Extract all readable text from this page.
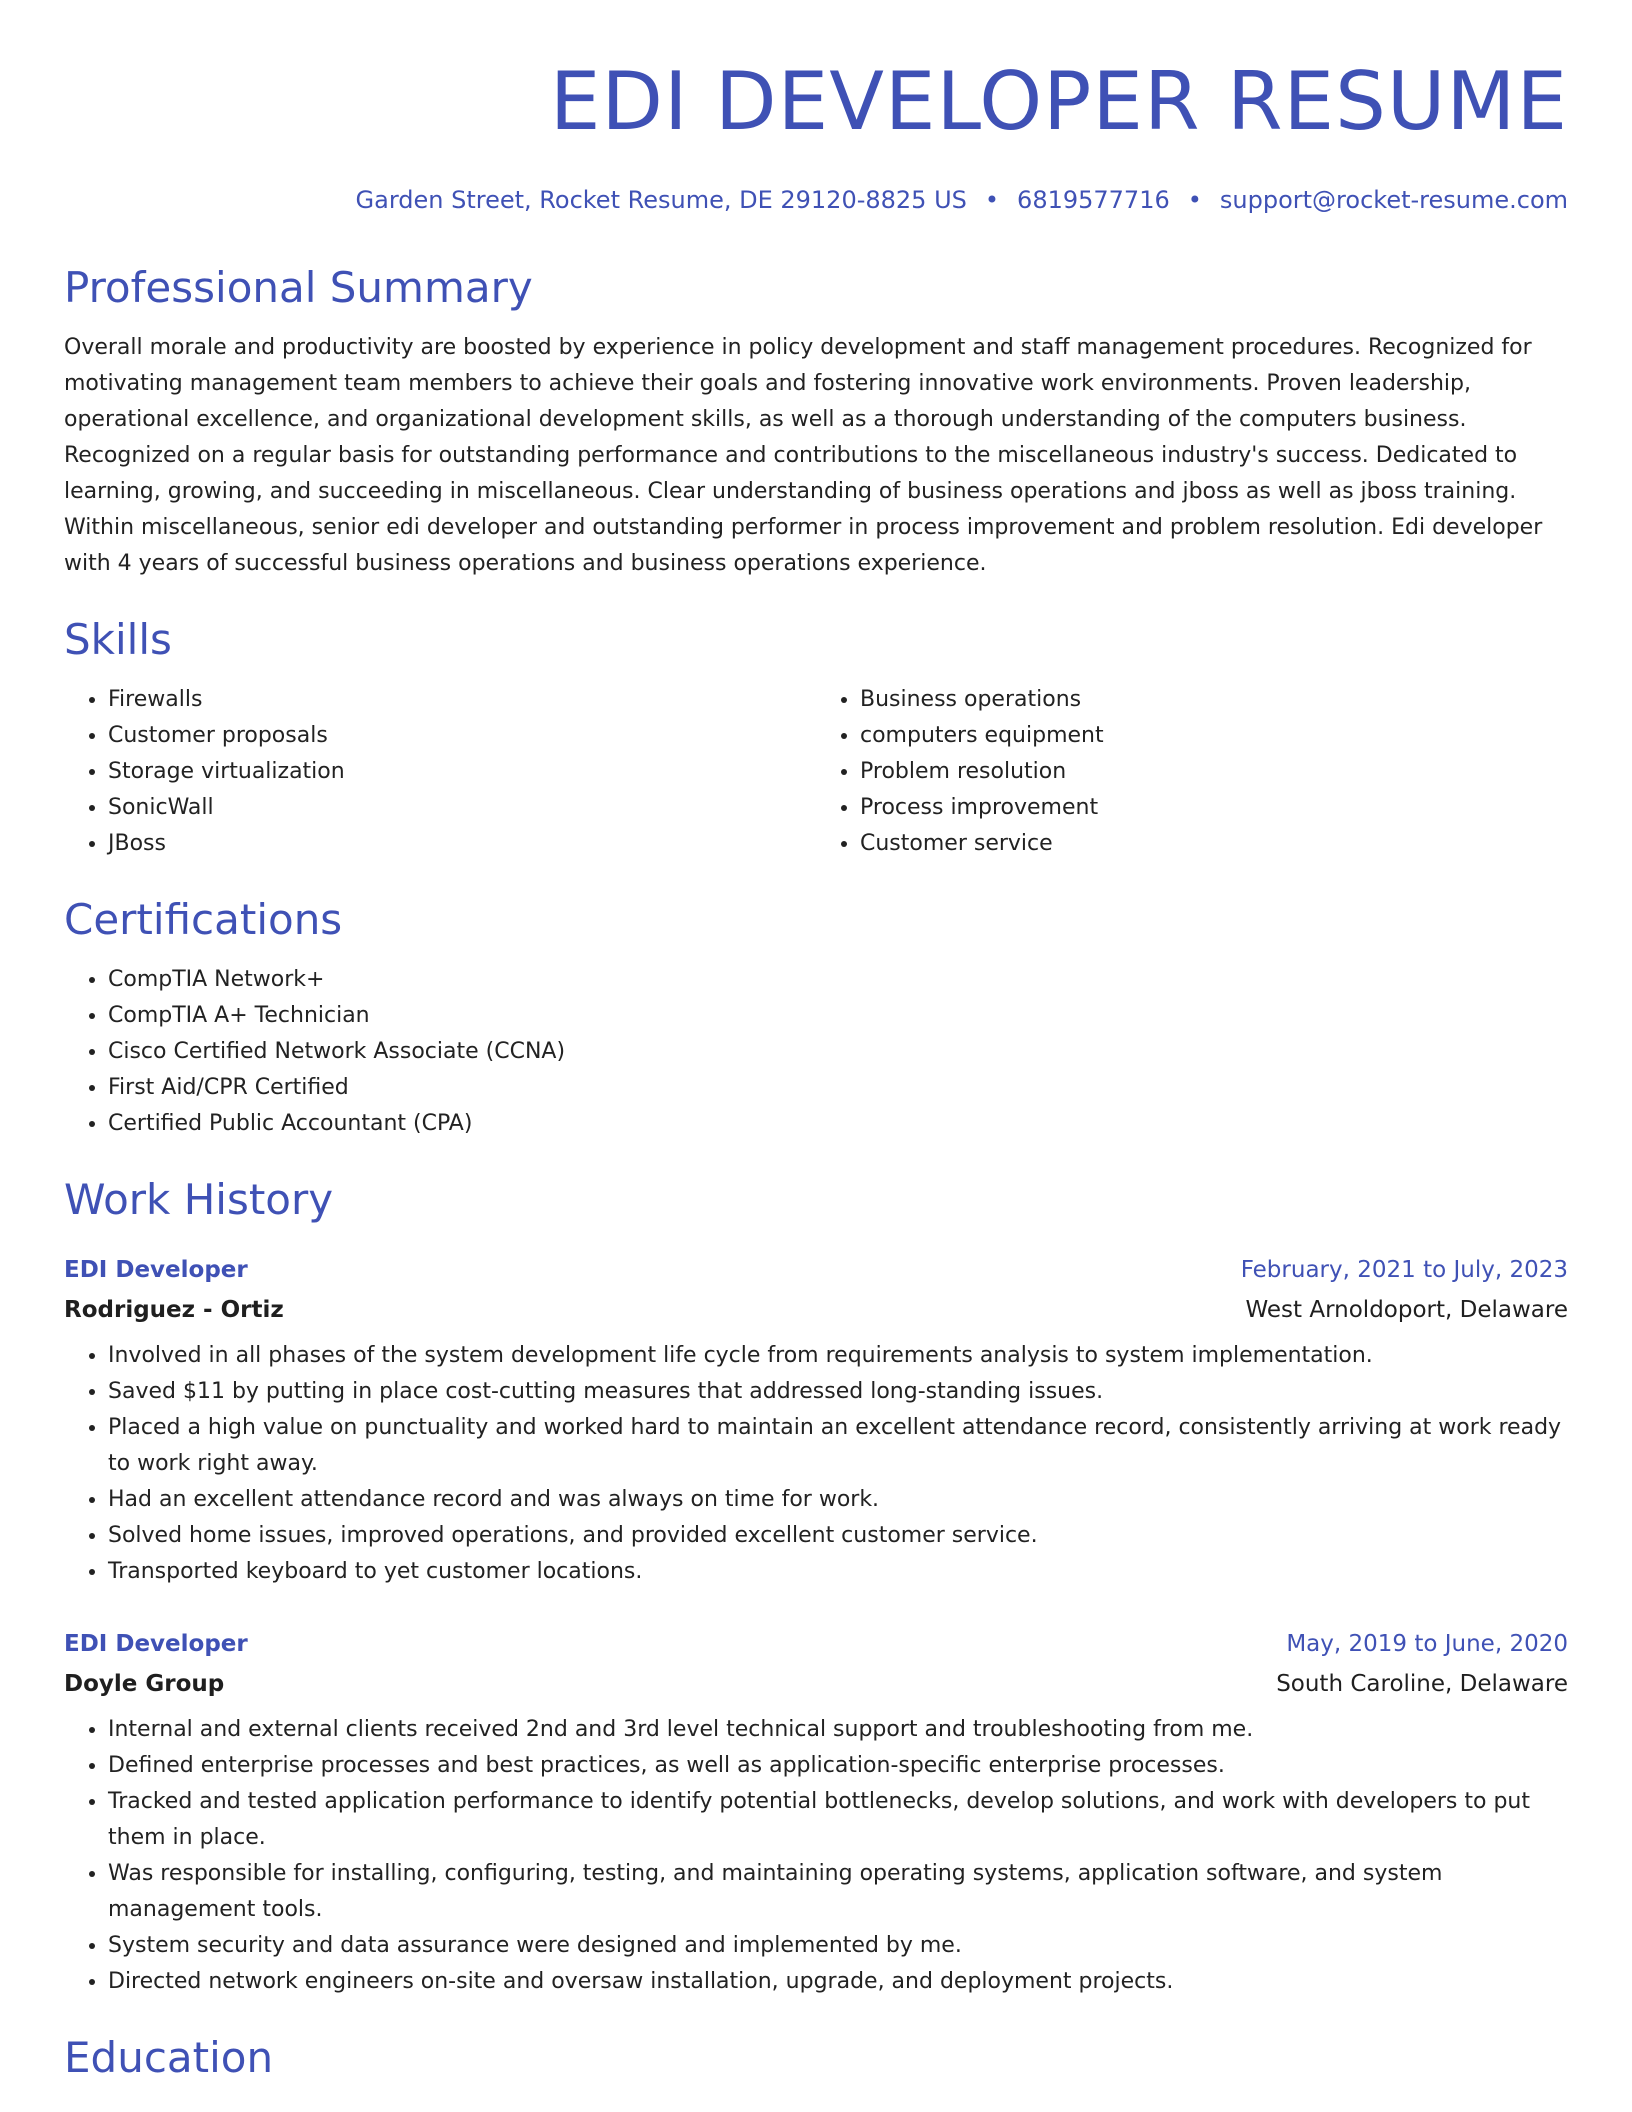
EDI DEVELOPER RESUME
Garden Street, Rocket Resume, DE 29120-8825 US • 6819577716 • support@rocket-resume.com
Professional Summary

Overall morale and productivity are boosted by experience in policy development and staff management procedures. Recognized for motivating management team members to achieve their goals and fostering innovative work environments. Proven leadership, operational excellence, and organizational development skills, as well as a thorough understanding of the computers business. Recognized on a regular basis for outstanding performance and contributions to the miscellaneous industry's success. Dedicated to learning, growing, and succeeding in miscellaneous. Clear understanding of business operations and jboss as well as jboss training. Within miscellaneous, senior edi developer and outstanding performer in process improvement and problem resolution. Edi developer with 4 years of successful business operations and business operations experience.

Skills
• Firewalls
• Customer proposals
• Storage virtualization
• SonicWall
• JBoss
• Business operations
• computers equipment
• Problem resolution
• Process improvement
• Customer service
Certifications
• CompTIA Network+
• CompTIA A+ Technician
• Cisco Certified Network Associate (CCNA)
• First Aid/CPR Certified
• Certified Public Accountant (CPA)
Work History
EDI Developer	February, 2021 to July, 2023
Rodriguez - Ortiz	West Arnoldoport, Delaware
• Involved in all phases of the system development life cycle from requirements analysis to system implementation.
• Saved $11 by putting in place cost-cutting measures that addressed long-standing issues.
• Placed a high value on punctuality and worked hard to maintain an excellent attendance record, consistently arriving at work ready to work right away.
• Had an excellent attendance record and was always on time for work.
• Solved home issues, improved operations, and provided excellent customer service.
• Transported keyboard to yet customer locations.
EDI Developer	May, 2019 to June, 2020
Doyle Group	South Caroline, Delaware
• Internal and external clients received 2nd and 3rd level technical support and troubleshooting from me.
• Defined enterprise processes and best practices, as well as application-specific enterprise processes.
• Tracked and tested application performance to identify potential bottlenecks, develop solutions, and work with developers to put them in place.
• Was responsible for installing, configuring, testing, and maintaining operating systems, application software, and system management tools.
• System security and data assurance were designed and implemented by me.
• Directed network engineers on-site and oversaw installation, upgrade, and deployment projects.
Education
